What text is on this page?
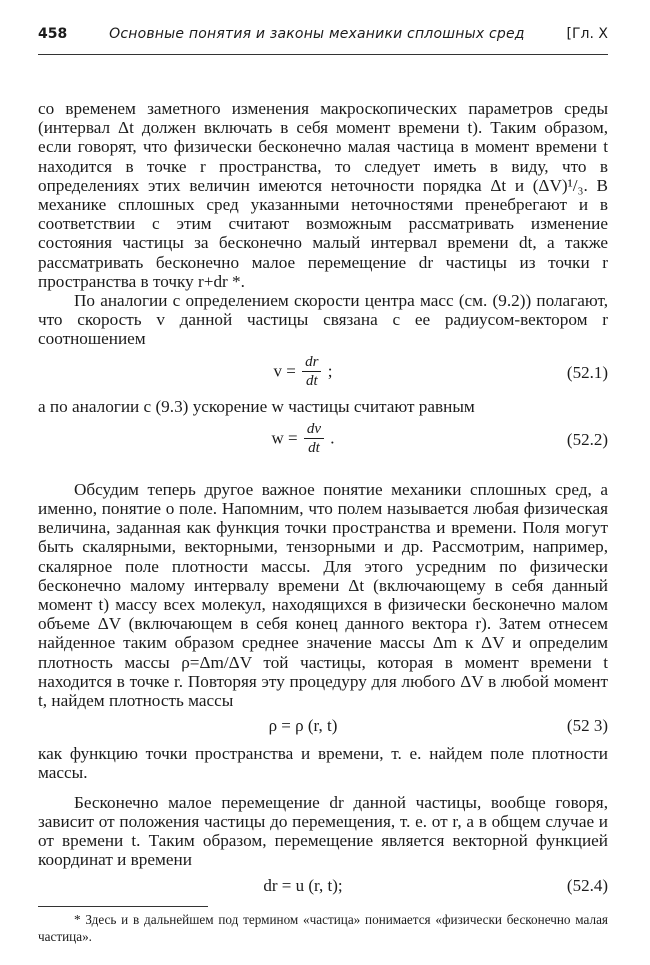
458	Основные понятия и законы механики сплошных сред	[Гл. X

со временем заметного изменения макроскопических параметров среды (интервал Δt должен включать в себя момент времени t). Таким образом, если говорят, что физически бесконечно малая частица в момент времени t находится в точке r пространства, то следует иметь в виду, что в определениях этих величин имеются неточности порядка Δt и (ΔV)¹/₃. В механике сплошных сред указанными неточностями пренебрегают и в соответствии с этим считают возможным рассматривать изменение состояния частицы за бесконечно малый интервал времени dt, а также рассматривать бесконечно малое перемещение dr частицы из точки r пространства в точку r+dr *.

По аналогии с определением скорости центра масс (см. (9.2)) полагают, что скорость v данной частицы связана с ее радиусом-вектором r соотношением

$v = \frac{dr}{dt}$ ;	(52.1)

а по аналогии с (9.3) ускорение w частицы считают равным

$w = \frac{dv}{dt}$ .	(52.2)

Обсудим теперь другое важное понятие механики сплошных сред, а именно, понятие о поле. Напомним, что полем называется любая физическая величина, заданная как функция точки пространства и времени. Поля могут быть скалярными, векторными, тензорными и др. Рассмотрим, например, скалярное поле плотности массы. Для этого усредним по физически бесконечно малому интервалу времени Δt (включающему в себя данный момент t) массу всех молекул, находящихся в физически бесконечно малом объеме ΔV (включающем в себя конец данного вектора r). Затем отнесем найденное таким образом среднее значение массы Δm к ΔV и определим плотность массы ρ=Δm/ΔV той частицы, которая в момент времени t находится в точке r. Повторяя эту процедуру для любого ΔV в любой момент t, найдем плотность массы

ρ = ρ (r, t)	(52 3)

как функцию точки пространства и времени, т. е. найдем поле плотности массы.

Бесконечно малое перемещение dr данной частицы, вообще говоря, зависит от положения частицы до перемещения, т. е. от r, а в общем случае и от времени t. Таким образом, перемещение является векторной функцией координат и времени

dr = u (r, t);	(52.4)

* Здесь и в дальнейшем под термином «частица» понимается «физически бесконечно малая частица».
